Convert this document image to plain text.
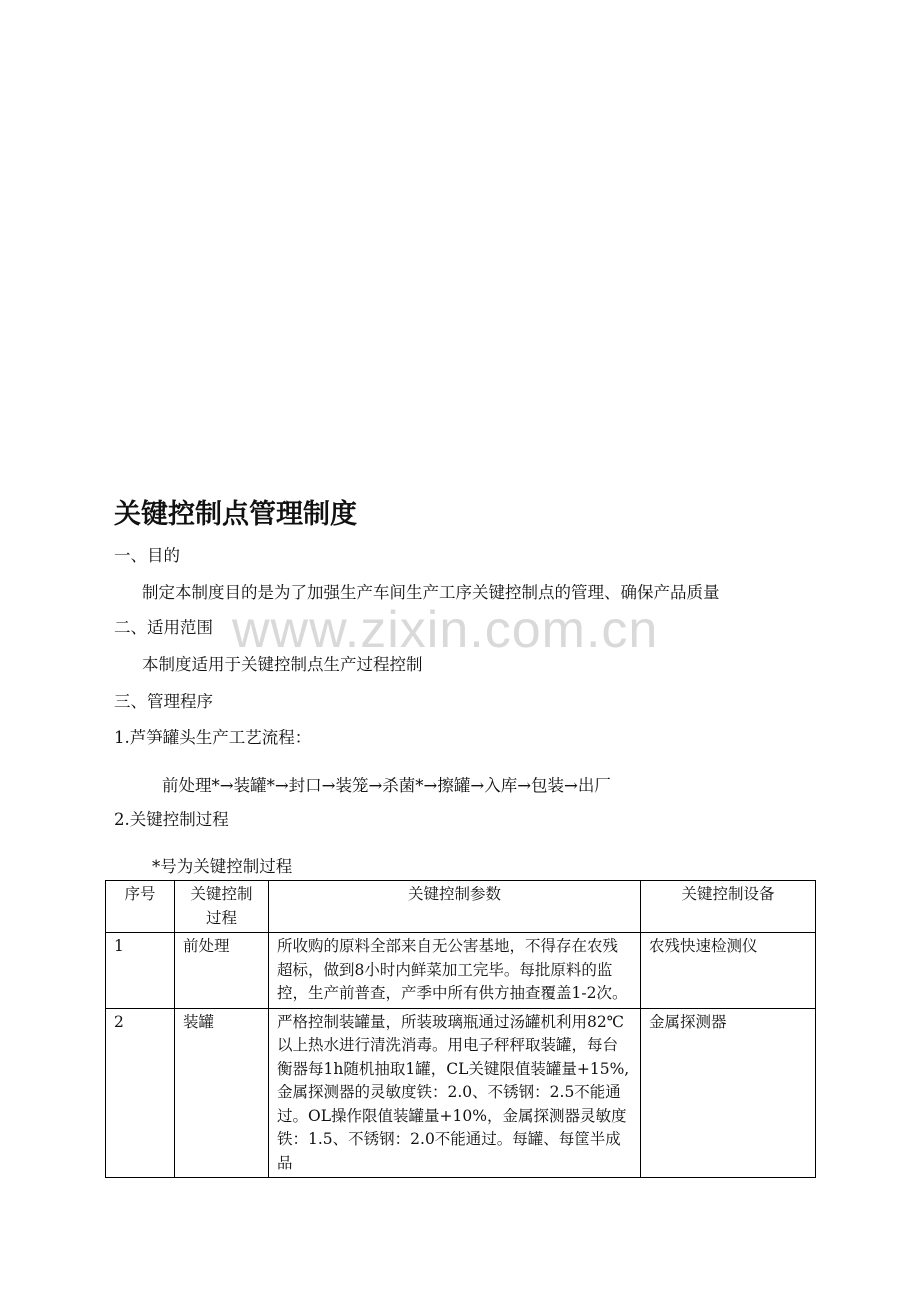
www.zixin.com.cn
关键控制点管理制度
一、目的
制定本制度目的是为了加强生产车间生产工序关键控制点的管理、确保产品质量
二、适用范围
本制度适用于关键控制点生产过程控制
三、管理程序
1.芦笋罐头生产工艺流程：
前处理*→装罐*→封口→装笼→杀菌*→擦罐→入库→包装→出厂
2.关键控制过程
*号为关键控制过程
序号	关键控制过程	关键控制参数	关键控制设备
1	前处理	所收购的原料全部来自无公害基地，不得存在农残超标，做到8小时内鲜菜加工完毕。每批原料的监控，生产前普查，产季中所有供方抽查覆盖1-2次。	农残快速检测仪
2	装罐	严格控制装罐量，所装玻璃瓶通过汤罐机利用82℃以上热水进行清洗消毒。用电子秤秤取装罐，每台衡器每1h随机抽取1罐，CL关键限值装罐量+15%,金属探测器的灵敏度铁：2.0、不锈钢：2.5不能通过。OL操作限值装罐量+10%，金属探测器灵敏度铁：1.5、不锈钢：2.0不能通过。每罐、每筐半成品	金属探测器
